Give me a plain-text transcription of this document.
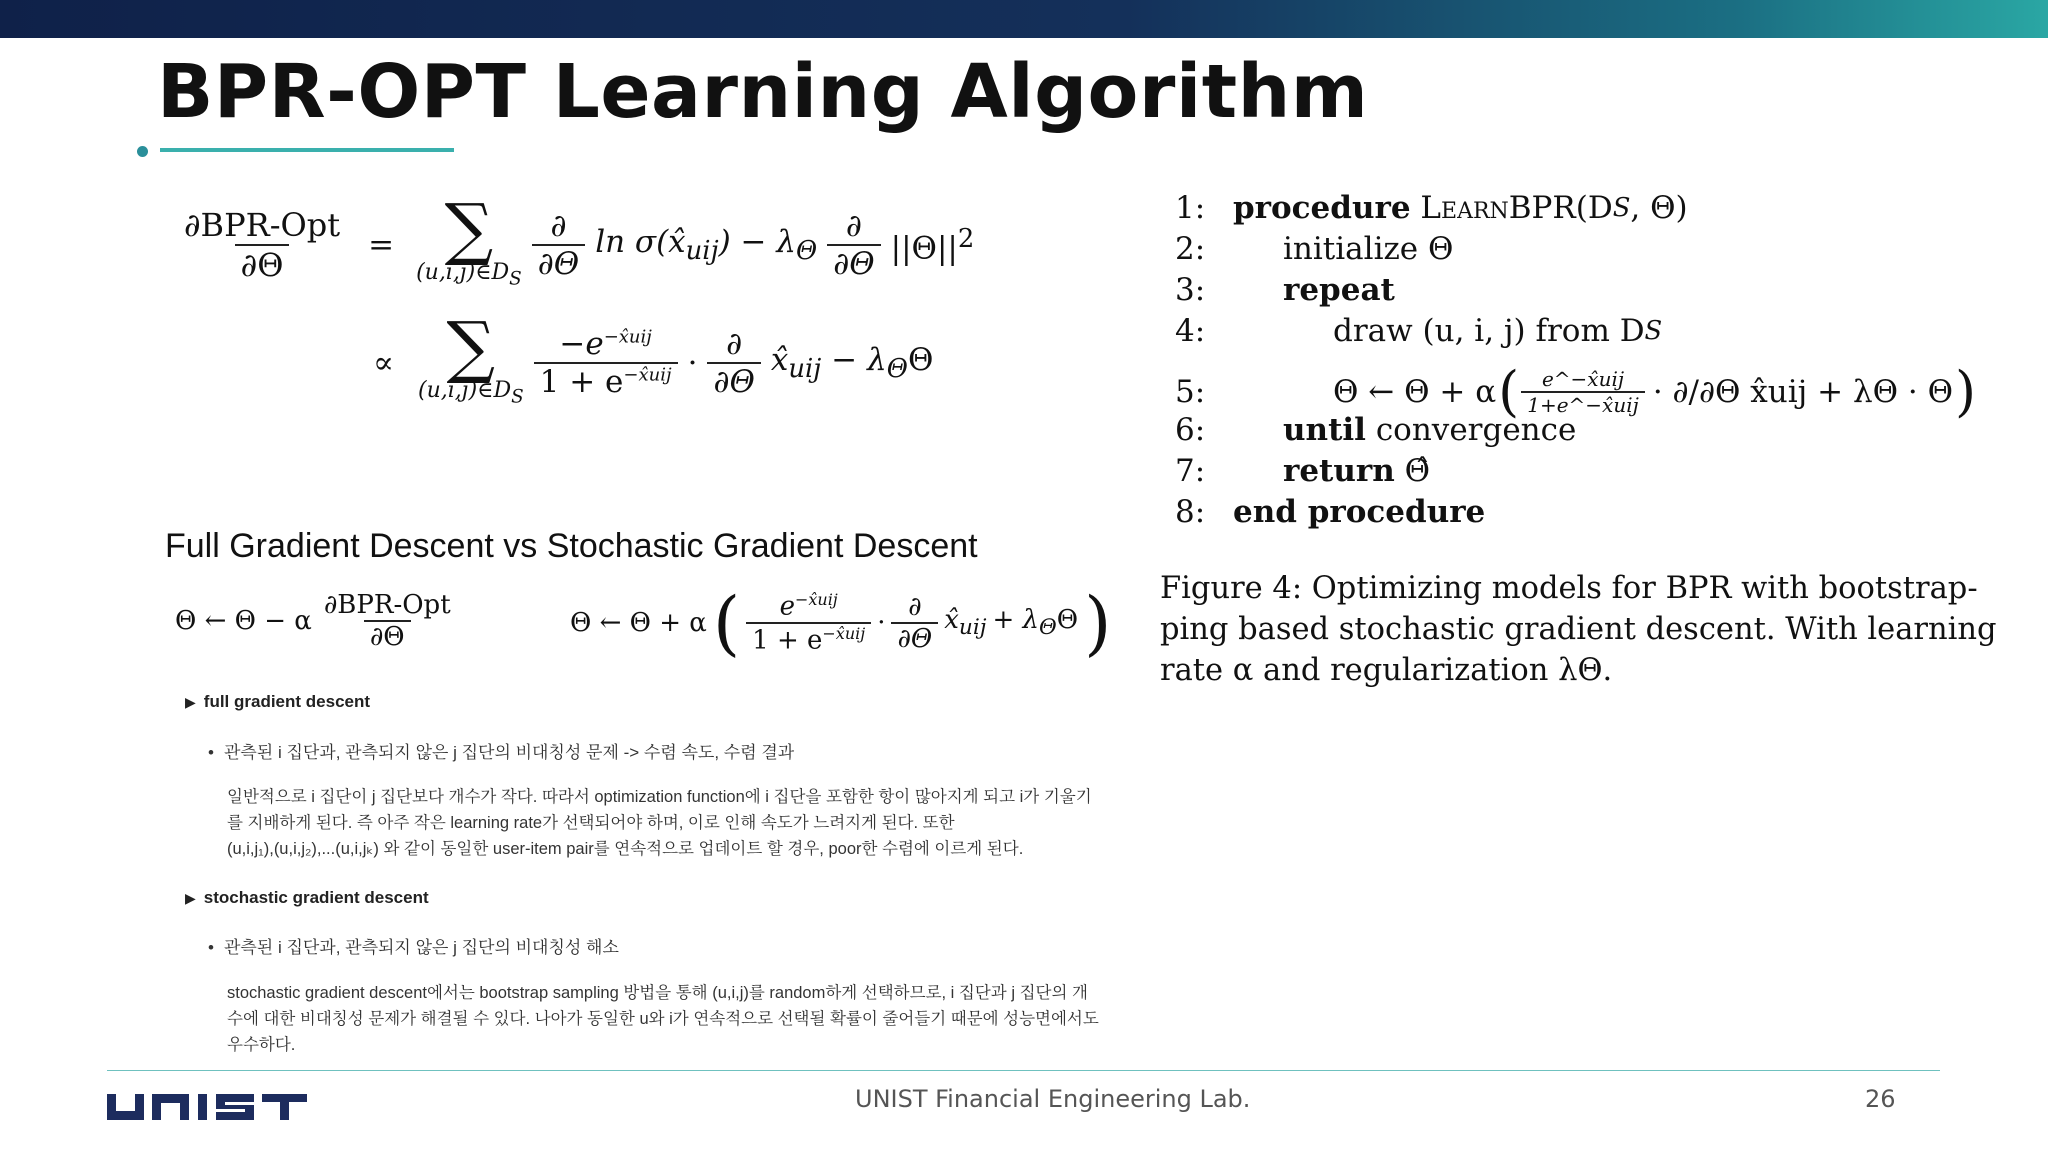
BPR-OPT Learning Algorithm
$\frac{\text{∂BPR-Opt}}{\partial\Theta}$ = ∑
$(u,i,j)\in D_S \frac{\partial}{\partial\Theta}$ $\ln \sigma(x̂_{uij}) - \lambda_\Theta \frac{\partial}{\partial\Theta} ||\Theta||^2$
∝ ∑
$(u,i,j)\in D_S \frac{-e^{-x̂uij}}{1 + e^{-x̂uij}} \cdot \frac{\partial}{\partial\Theta}$ $x̂_{uij} - \lambda_\Theta\Theta$
Full Gradient Descent vs Stochastic Gradient Descent
Θ ← Θ − α $\frac{\text{∂BPR-Opt}}{\partial\Theta}$	Θ ← Θ + α ( $\frac{e^{-x̂uij}}{1 + e^{-x̂uij}} \cdot \frac{\partial}{\partial\Theta}$ $x̂_{uij} + \lambda_\Theta\Theta$ )
▶ full gradient descent
• 관측된 i 집단과, 관측되지 않은 j 집단의 비대칭성 문제 -> 수렴 속도, 수렴 결과

일반적으로 i 집단이 j 집단보다 개수가 작다. 따라서 optimization function에 i 집단을 포함한 항이 많아지게 되고 i가 기울기

를 지배하게 된다. 즉 아주 작은 learning rate가 선택되어야 하며, 이로 인해 속도가 느려지게 된다. 또한

(u,i,j₁),(u,i,j₂),...(u,i,jₖ) 와 같이 동일한 user-item pair를 연속적으로 업데이트 할 경우, poor한 수렴에 이르게 된다.

▶ stochastic gradient descent
• 관측된 i 집단과, 관측되지 않은 j 집단의 비대칭성 해소

stochastic gradient descent에서는 bootstrap sampling 방법을 통해 (u,i,j)를 random하게 선택하므로, i 집단과 j 집단의 개

수에 대한 비대칭성 문제가 해결될 수 있다. 나아가 동일한 u와 i가 연속적으로 선택될 확률이 줄어들기 때문에 성능면에서도

우수하다.

1: procedure
LearnBPR(D S , Θ)
2:	initialize Θ
3:	repeat
4:	draw (u, i, j) from D S
5:	Θ ← Θ + α ( $\frac{\text{e\textasciicircum{}−x̂uij}}{\text{1+e\textasciicircum{}−x̂uij}} \cdot \partial/\partial\Theta$ x̂uij + λΘ · Θ )
6:	until
convergence
7:	return
Θ̂
8: end procedure

Figure 4: Optimizing models for BPR with bootstrap-

ping based stochastic gradient descent. With learning

rate α and regularization λΘ.

UNIST Financial Engineering Lab.	26
